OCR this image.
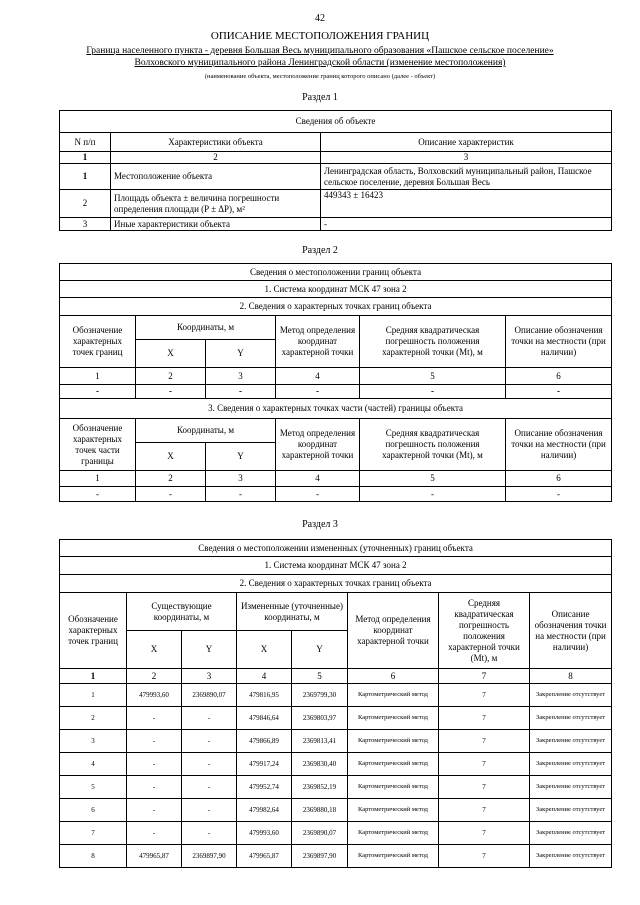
42
ОПИСАНИЕ МЕСТОПОЛОЖЕНИЯ ГРАНИЦ
Граница населенного пункта - деревня Большая Весь муниципального образования «Пашское сельское поселение»
Волховского муниципального района Ленинградской области (изменение местоположения)
(наименование объекта, местоположение границ которого описано (далее - объект)
Раздел 1
Сведения об объекте		
N п/п	Характеристики объекта	Описание характеристик
1	2	3
1	Местоположение объекта	Ленинградская область, Волховский муниципальный район, Пашское сельское поселение, деревня Большая Весь
2	Площадь объекта ± величина погрешности определения площади (P ± ΔP), м²	449343 ± 16423
3	Иные характеристики объекта	-
Раздел 2
Сведения о местоположении границ объекта					
1. Система координат МСК 47 зона 2					
2. Сведения о характерных точках границ объекта					
Обозначение характерных точек границ	Координаты, м		Метод определения координат характерной точки	Средняя квадратическая погрешность положения характерной точки (Mt), м	Описание обозначения точки на местности (при наличии)
	X	Y			
1	2	3	4	5	6
-	-	-	-	-	-
3. Сведения о характерных точках части (частей) границы объекта					
Обозначение характерных точек части границы	Координаты, м		Метод определения координат характерной точки	Средняя квадратическая погрешность положения характерной точки (Mt), м	Описание обозначения точки на местности (при наличии)
	X	Y			
1	2	3	4	5	6
-	-	-	-	-	-
Раздел 3
Сведения о местоположении измененных (уточненных) границ объекта							
1. Система координат МСК 47 зона 2							
2. Сведения о характерных точках границ объекта							
Обозначение характерных точек границ	Существующие координаты, м		Измененные (уточненные) координаты, м		Метод определения координат характерной точки	Средняя квадратическая погрешность положения характерной точки (Mt), м	Описание обозначения точки на местности (при наличии)
	X	Y	X	Y			
1	2	3	4	5	6	7	8
1	479993,60	2369890,07	479816,95	2369799,30	Картометрический метод	7	Закрепление отсутствует
2	-	-	479846,64	2369803,97	Картометрический метод	7	Закрепление отсутствует
3	-	-	479866,89	2369813,41	Картометрический метод	7	Закрепление отсутствует
4	-	-	479917,24	2369830,40	Картометрический метод	7	Закрепление отсутствует
5	-	-	479952,74	2369852,19	Картометрический метод	7	Закрепление отсутствует
6	-	-	479982,64	2369880,18	Картометрический метод	7	Закрепление отсутствует
7	-	-	479993,60	2369890,07	Картометрический метод	7	Закрепление отсутствует
8	479965,87	2369897,90	479965,87	2369897,90	Картометрический метод	7	Закрепление отсутствует
